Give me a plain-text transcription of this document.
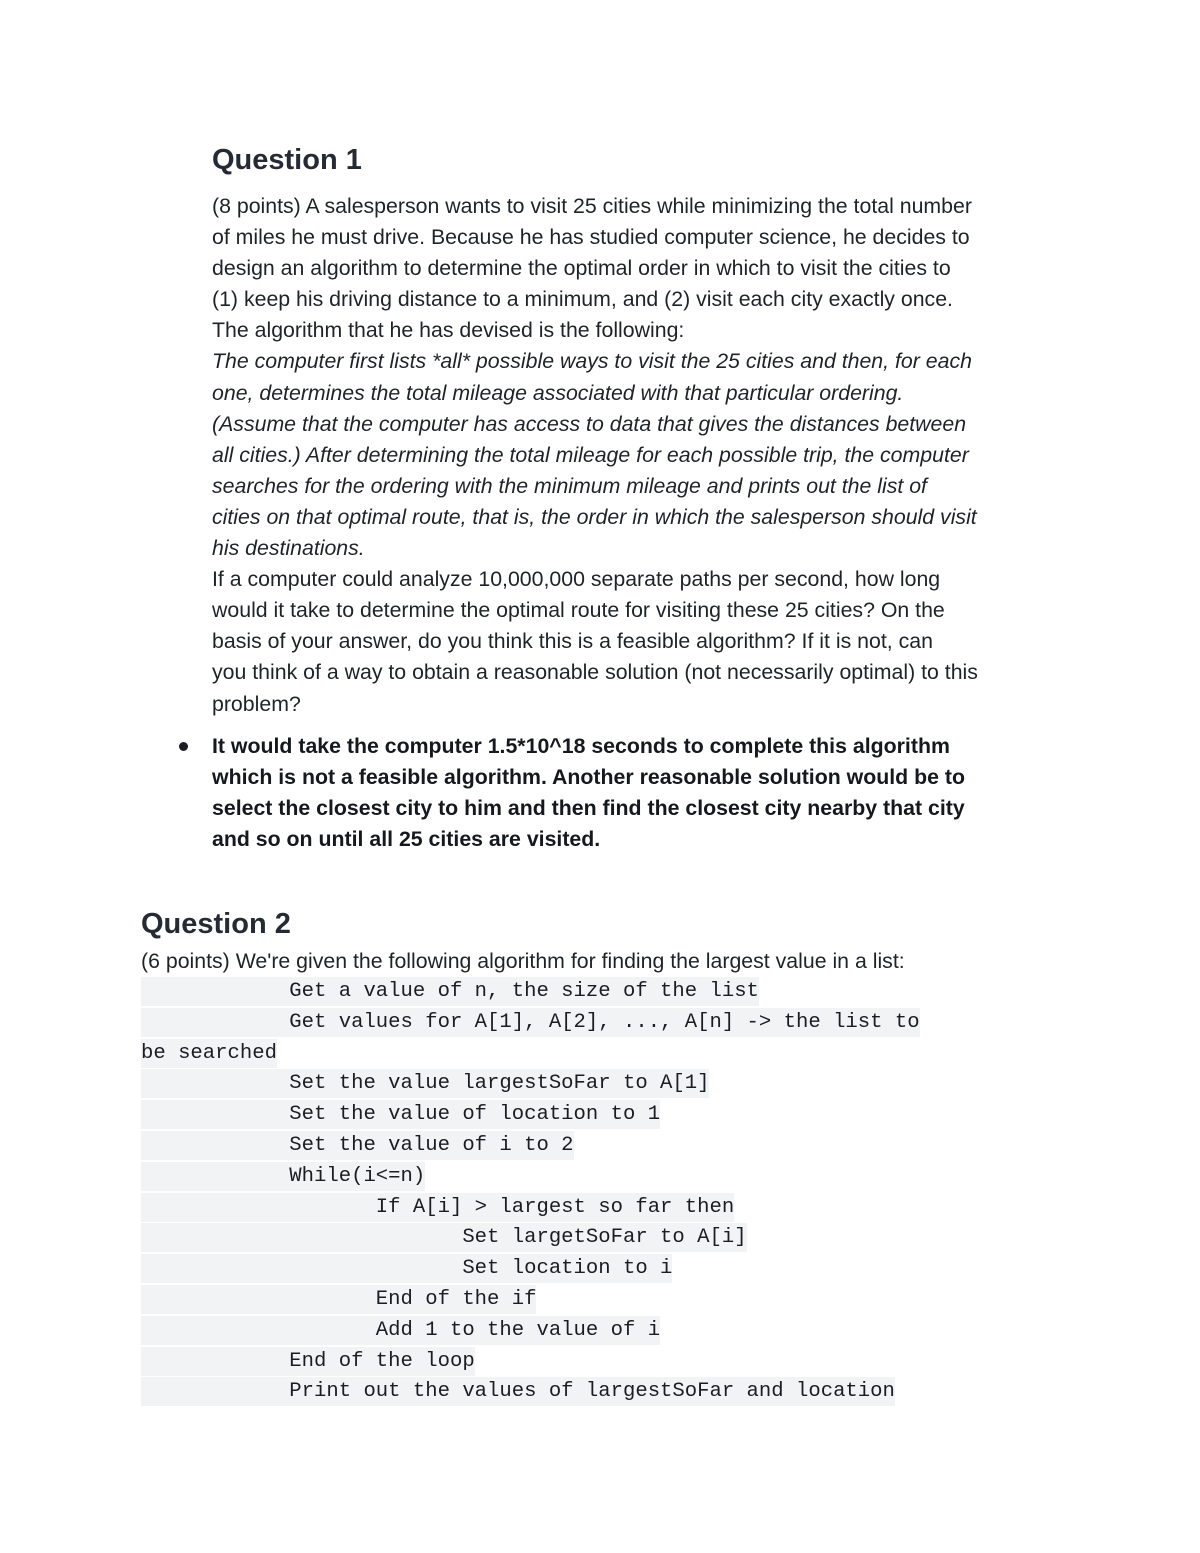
Question 1

(8 points) A salesperson wants to visit 25 cities while minimizing the total number

of miles he must drive. Because he has studied computer science, he decides to

design an algorithm to determine the optimal order in which to visit the cities to

(1) keep his driving distance to a minimum, and (2) visit each city exactly once.

The algorithm that he has devised is the following:

The computer first lists *all* possible ways to visit the 25 cities and then, for each

one, determines the total mileage associated with that particular ordering.

(Assume that the computer has access to data that gives the distances between

all cities.) After determining the total mileage for each possible trip, the computer

searches for the ordering with the minimum mileage and prints out the list of

cities on that optimal route, that is, the order in which the salesperson should visit

his destinations.

If a computer could analyze 10,000,000 separate paths per second, how long

would it take to determine the optimal route for visiting these 25 cities? On the

basis of your answer, do you think this is a feasible algorithm? If it is not, can

you think of a way to obtain a reasonable solution (not necessarily optimal) to this

problem?

It would take the computer 1.5*10^18 seconds to complete this algorithm
which is not a feasible algorithm. Another reasonable solution would be to
select the closest city to him and then find the closest city nearby that city
and so on until all 25 cities are visited.
Question 2

(6 points) We're given the following algorithm for finding the largest value in a list:

Get a value of n, the size of the list
Get values for A[1], A[2], ..., A[n] -> the list to
be searched
Set the value largestSoFar to A[1]
Set the value of location to 1
Set the value of i to 2
While(i<=n)
If A[i] > largest so far then
Set largetSoFar to A[i]
Set location to i
End of the if
Add 1 to the value of i
End of the loop
Print out the values of largestSoFar and location
